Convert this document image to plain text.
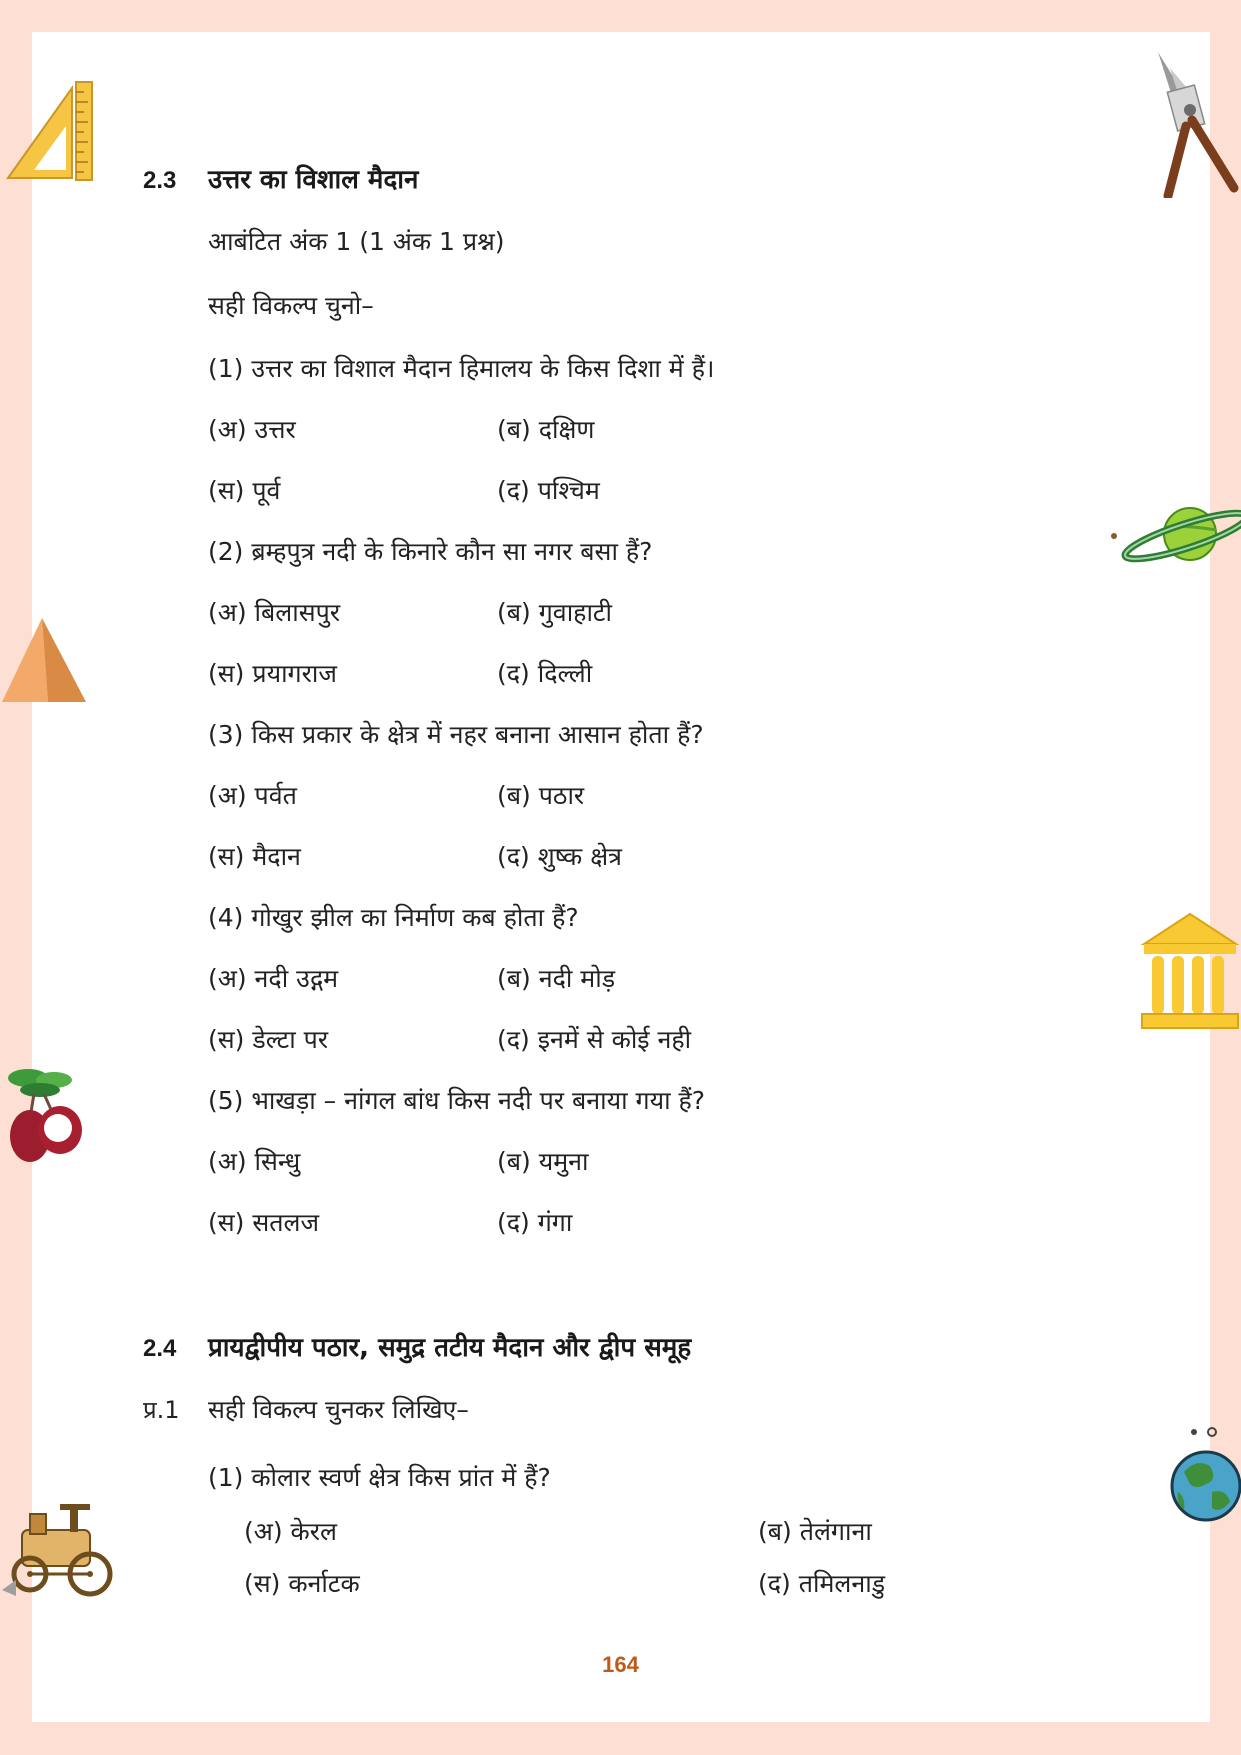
2.3 उत्तर का विशाल मैदान
आबंटित अंक 1 (1 अंक 1 प्रश्न)
सही विकल्प चुनो–
(1) उत्तर का विशाल मैदान हिमालय के किस दिशा में हैं।
(अ) उत्तर	(ब) दक्षिण
(स) पूर्व	(द) पश्चिम
(2) ब्रम्हपुत्र नदी के किनारे कौन सा नगर बसा हैं?
(अ) बिलासपुर	(ब) गुवाहाटी
(स) प्रयागराज	(द) दिल्ली
(3) किस प्रकार के क्षेत्र में नहर बनाना आसान होता हैं?
(अ) पर्वत	(ब) पठार
(स) मैदान	(द) शुष्क क्षेत्र
(4) गोखुर झील का निर्माण कब होता हैं?
(अ) नदी उद्गम	(ब) नदी मोड़
(स) डेल्टा पर	(द) इनमें से कोई नही
(5) भाखड़ा – नांगल बांध किस नदी पर बनाया गया हैं?
(अ) सिन्धु	(ब) यमुना
(स) सतलज	(द) गंगा
2.4 प्रायद्वीपीय पठार, समुद्र तटीय मैदान और द्वीप समूह
प्र.1 सही विकल्प चुनकर लिखिए–
(1) कोलार स्वर्ण क्षेत्र किस प्रांत में हैं?
(अ) केरल	(ब) तेलंगाना
(स) कर्नाटक	(द) तमिलनाडु
164
